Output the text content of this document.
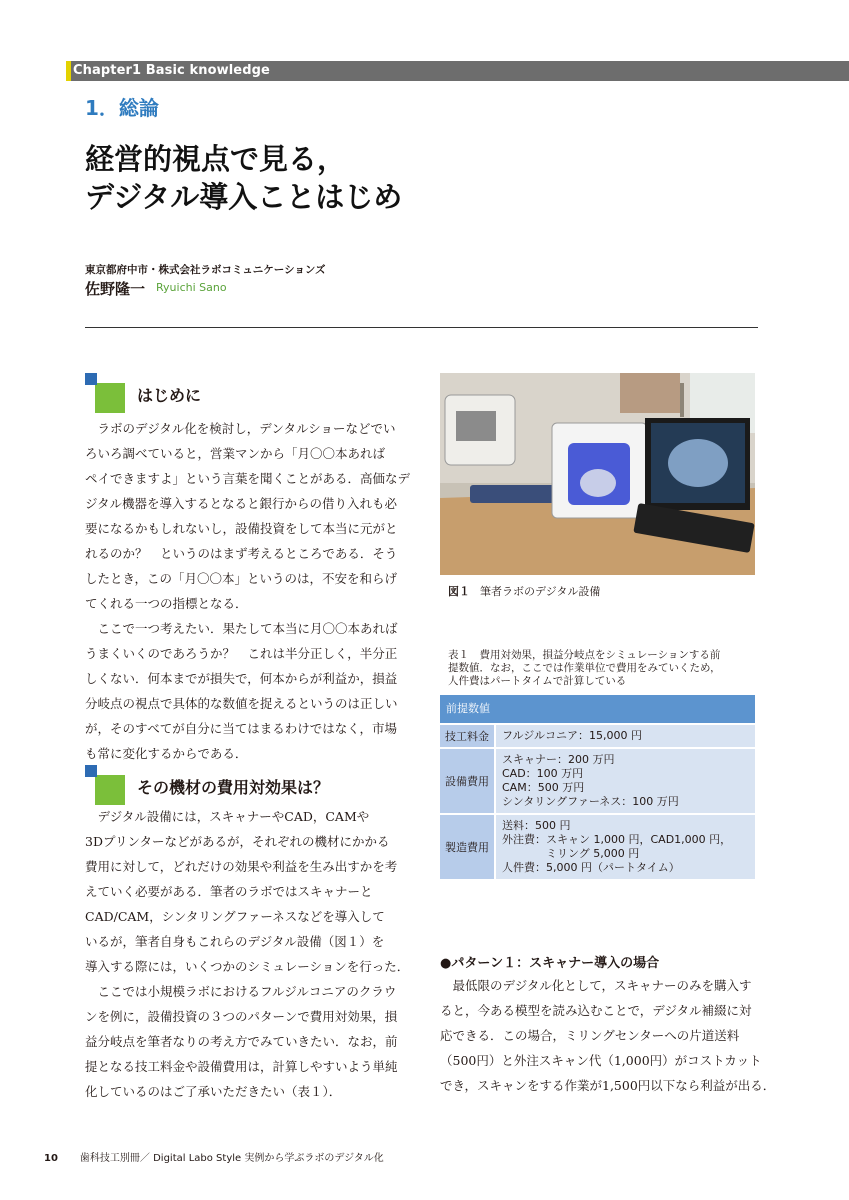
Chapter1 Basic knowledge
1．総論
経営的視点で見る，
デジタル導入ことはじめ
東京都府中市・株式会社ラボコミュニケーションズ
佐野隆一 Ryuichi Sano
はじめに
ラボのデジタル化を検討し，デンタルショーなどでい
ろいろ調べていると，営業マンから「月〇〇本あれば
ペイできますよ」という言葉を聞くことがある．高価なデ
ジタル機器を導入するとなると銀行からの借り入れも必
要になるかもしれないし，設備投資をして本当に元がと
れるのか？　というのはまず考えるところである．そう
したとき，この「月〇〇本」というのは，不安を和らげ
てくれる一つの指標となる．
ここで一つ考えたい．果たして本当に月〇〇本あれば
うまくいくのであろうか？　これは半分正しく，半分正
しくない．何本までが損失で，何本からが利益か，損益
分岐点の視点で具体的な数値を捉えるというのは正しい
が，そのすべてが自分に当てはまるわけではなく，市場
も常に変化するからである．
その機材の費用対効果は？
デジタル設備には，スキャナーやCAD，CAMや
3Dプリンターなどがあるが，それぞれの機材にかかる
費用に対して，どれだけの効果や利益を生み出すかを考
えていく必要がある．筆者のラボではスキャナーと
CAD/CAM，シンタリングファーネスなどを導入して
いるが，筆者自身もこれらのデジタル設備（図１）を
導入する際には，いくつかのシミュレーションを行った．
ここでは小規模ラボにおけるフルジルコニアのクラウ
ンを例に，設備投資の３つのパターンで費用対効果，損
益分岐点を筆者なりの考え方でみていきたい．なお，前
提となる技工料金や設備費用は，計算しやすいよう単純
化しているのはご了承いただきたい（表１）．
図１ 筆者ラボのデジタル設備
表１　費用対効果，損益分岐点をシミュレーションする前
提数値．なお，ここでは作業単位で費用をみていくため，
人件費はパートタイムで計算している
前提数値
技工料金	フルジルコニア：15,000 円
設備費用
スキャナー：200 万円
CAD：100 万円
CAM：500 万円
シンタリングファーネス：100 万円
製造費用
送料：500 円
外注費：スキャン 1,000 円，CAD1,000 円，
　　　　ミリング 5,000 円
人件費：5,000 円（パートタイム）
●パターン１：スキャナー導入の場合
最低限のデジタル化として，スキャナーのみを購入す
ると，今ある模型を読み込むことで，デジタル補綴に対
応できる．この場合，ミリングセンターへの片道送料
（500円）と外注スキャン代（1,000円）がコストカット
でき，スキャンをする作業が1,500円以下なら利益が出る．
10 歯科技工別冊／ Digital Labo Style 実例から学ぶラボのデジタル化
